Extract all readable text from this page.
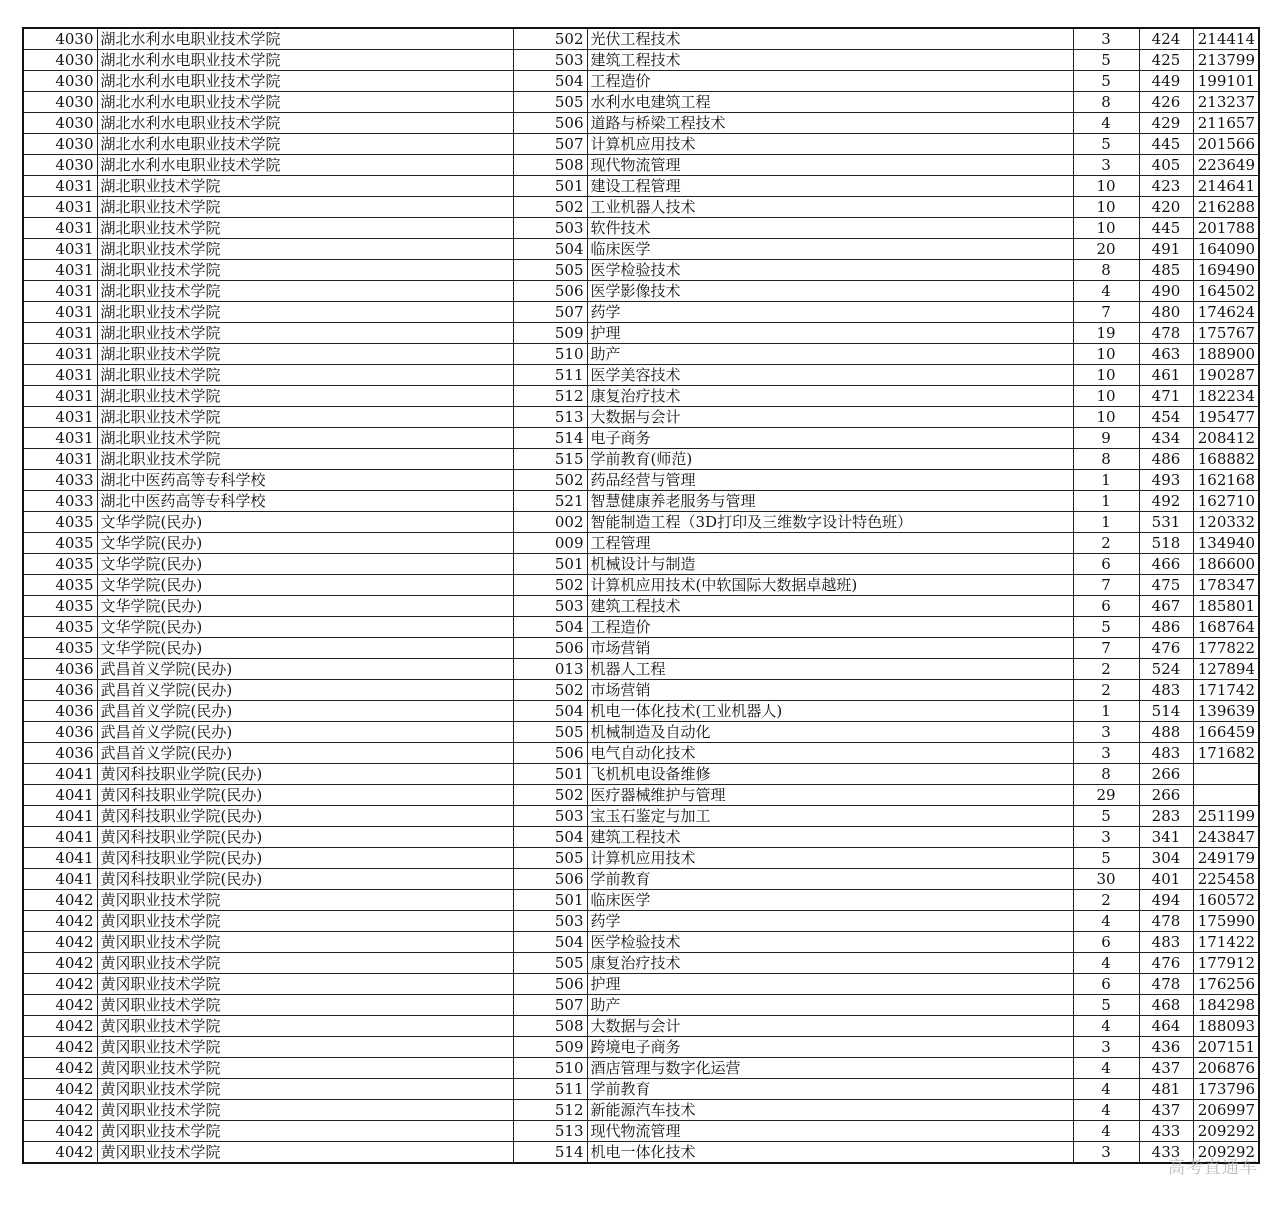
4030	湖北水利水电职业技术学院	502	光伏工程技术	3	424	214414
4030	湖北水利水电职业技术学院	503	建筑工程技术	5	425	213799
4030	湖北水利水电职业技术学院	504	工程造价	5	449	199101
4030	湖北水利水电职业技术学院	505	水利水电建筑工程	8	426	213237
4030	湖北水利水电职业技术学院	506	道路与桥梁工程技术	4	429	211657
4030	湖北水利水电职业技术学院	507	计算机应用技术	5	445	201566
4030	湖北水利水电职业技术学院	508	现代物流管理	3	405	223649
4031	湖北职业技术学院	501	建设工程管理	10	423	214641
4031	湖北职业技术学院	502	工业机器人技术	10	420	216288
4031	湖北职业技术学院	503	软件技术	10	445	201788
4031	湖北职业技术学院	504	临床医学	20	491	164090
4031	湖北职业技术学院	505	医学检验技术	8	485	169490
4031	湖北职业技术学院	506	医学影像技术	4	490	164502
4031	湖北职业技术学院	507	药学	7	480	174624
4031	湖北职业技术学院	509	护理	19	478	175767
4031	湖北职业技术学院	510	助产	10	463	188900
4031	湖北职业技术学院	511	医学美容技术	10	461	190287
4031	湖北职业技术学院	512	康复治疗技术	10	471	182234
4031	湖北职业技术学院	513	大数据与会计	10	454	195477
4031	湖北职业技术学院	514	电子商务	9	434	208412
4031	湖北职业技术学院	515	学前教育(师范)	8	486	168882
4033	湖北中医药高等专科学校	502	药品经营与管理	1	493	162168
4033	湖北中医药高等专科学校	521	智慧健康养老服务与管理	1	492	162710
4035	文华学院(民办)	002	智能制造工程（3D打印及三维数字设计特色班）	1	531	120332
4035	文华学院(民办)	009	工程管理	2	518	134940
4035	文华学院(民办)	501	机械设计与制造	6	466	186600
4035	文华学院(民办)	502	计算机应用技术(中软国际大数据卓越班)	7	475	178347
4035	文华学院(民办)	503	建筑工程技术	6	467	185801
4035	文华学院(民办)	504	工程造价	5	486	168764
4035	文华学院(民办)	506	市场营销	7	476	177822
4036	武昌首义学院(民办)	013	机器人工程	2	524	127894
4036	武昌首义学院(民办)	502	市场营销	2	483	171742
4036	武昌首义学院(民办)	504	机电一体化技术(工业机器人)	1	514	139639
4036	武昌首义学院(民办)	505	机械制造及自动化	3	488	166459
4036	武昌首义学院(民办)	506	电气自动化技术	3	483	171682
4041	黄冈科技职业学院(民办)	501	飞机机电设备维修	8	266	
4041	黄冈科技职业学院(民办)	502	医疗器械维护与管理	29	266	
4041	黄冈科技职业学院(民办)	503	宝玉石鉴定与加工	5	283	251199
4041	黄冈科技职业学院(民办)	504	建筑工程技术	3	341	243847
4041	黄冈科技职业学院(民办)	505	计算机应用技术	5	304	249179
4041	黄冈科技职业学院(民办)	506	学前教育	30	401	225458
4042	黄冈职业技术学院	501	临床医学	2	494	160572
4042	黄冈职业技术学院	503	药学	4	478	175990
4042	黄冈职业技术学院	504	医学检验技术	6	483	171422
4042	黄冈职业技术学院	505	康复治疗技术	4	476	177912
4042	黄冈职业技术学院	506	护理	6	478	176256
4042	黄冈职业技术学院	507	助产	5	468	184298
4042	黄冈职业技术学院	508	大数据与会计	4	464	188093
4042	黄冈职业技术学院	509	跨境电子商务	3	436	207151
4042	黄冈职业技术学院	510	酒店管理与数字化运营	4	437	206876
4042	黄冈职业技术学院	511	学前教育	4	481	173796
4042	黄冈职业技术学院	512	新能源汽车技术	4	437	206997
4042	黄冈职业技术学院	513	现代物流管理	4	433	209292
4042	黄冈职业技术学院	514	机电一体化技术	3	433	209292
高考直通车
